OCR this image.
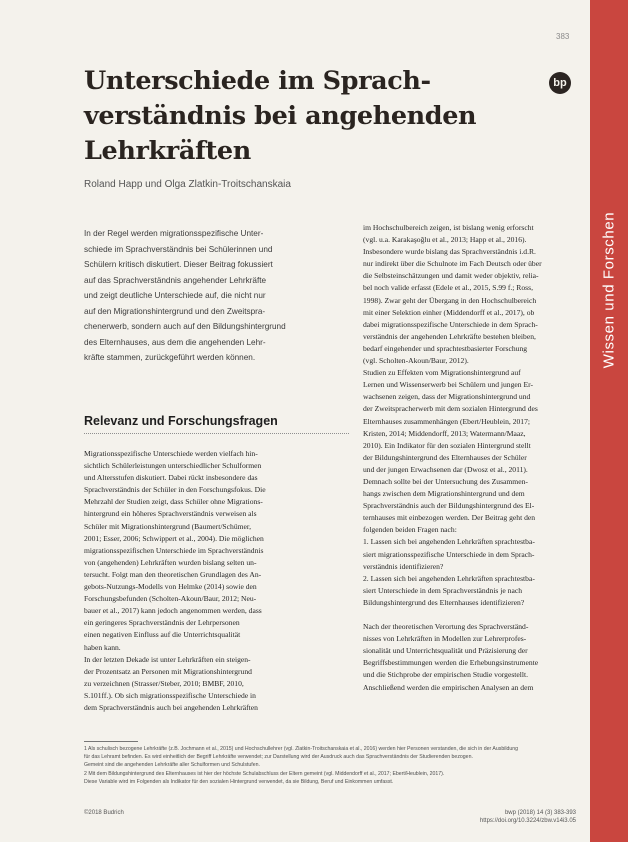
383
Unterschiede im Sprach-
verständnis bei angehenden
Lehrkräften
bp
Roland Happ und Olga Zlatkin-Troitschanskaia
In der Regel werden migrationsspezifische Unter-
schiede im Sprachverständnis bei Schülerinnen und
Schülern kritisch diskutiert. Dieser Beitrag fokussiert
auf das Sprachverständnis angehender Lehrkräfte
und zeigt deutliche Unterschiede auf, die nicht nur
auf den Migrationshintergrund und den Zweitspra-
chenerwerb, sondern auch auf den Bildungshintergrund
des Elternhauses, aus dem die angehenden Lehr-
kräfte stammen, zurückgeführt werden können.
Relevanz und Forschungsfragen
Migrationsspezifische Unterschiede werden vielfach hin-
sichtlich Schülerleistungen unterschiedlicher Schulformen
und Altersstufen diskutiert. Dabei rückt insbesondere das
Sprachverständnis der Schüler in den Forschungsfokus. Die
Mehrzahl der Studien zeigt, dass Schüler ohne Migrations-
hintergrund ein höheres Sprachverständnis verweisen als
Schüler mit Migrationshintergrund (Baumert/Schümer,
2001; Esser, 2006; Schwippert et al., 2004). Die möglichen
migrationsspezifischen Unterschiede im Sprachverständnis
von (angehenden) Lehrkräften wurden bislang selten un-
tersucht. Folgt man den theoretischen Grundlagen des An-
gebots-Nutzungs-Modells von Helmke (2014) sowie den
Forschungsbefunden (Scholten-Akoun/Baur, 2012; Neu-
bauer et al., 2017) kann jedoch angenommen werden, dass
ein geringeres Sprachverständnis der Lehrpersonen
einen negativen Einfluss auf die Unterrichtsqualität
haben kann.
In der letzten Dekade ist unter Lehrkräften ein steigen-
der Prozentsatz an Personen mit Migrationshintergrund
zu verzeichnen (Strasser/Steber, 2010; BMBF, 2010,
S.101ff.). Ob sich migrationsspezifische Unterschiede in
dem Sprachverständnis auch bei angehenden Lehrkräften
im Hochschulbereich zeigen, ist bislang wenig erforscht
(vgl. u.a. Karakaşoğlu et al., 2013; Happ et al., 2016).
Insbesondere wurde bislang das Sprachverständnis i.d.R.
nur indirekt über die Schulnote im Fach Deutsch oder über
die Selbsteinschätzungen und damit weder objektiv, relia-
bel noch valide erfasst (Edele et al., 2015, S.99 f.; Ross,
1998). Zwar geht der Übergang in den Hochschulbereich
mit einer Selektion einher (Middendorff et al., 2017), ob
dabei migrationsspezifische Unterschiede in dem Sprach-
verständnis der angehenden Lehrkräfte bestehen bleiben,
bedarf eingehender und sprachtestbasierter Forschung
(vgl. Scholten-Akoun/Baur, 2012).
Studien zu Effekten vom Migrationshintergrund auf
Lernen und Wissenserwerb bei Schülern und jungen Er-
wachsenen zeigen, dass der Migrationshintergrund und
der Zweitspracherwerb mit dem sozialen Hintergrund des
Elternhauses zusammenhängen (Ebert/Heublein, 2017;
Kristen, 2014; Middendorff, 2013; Watermann/Maaz,
2010). Ein Indikator für den sozialen Hintergrund stellt
der Bildungshintergrund des Elternhauses der Schüler
und der jungen Erwachsenen dar (Dwosz et al., 2011).
Demnach sollte bei der Untersuchung des Zusammen-
hangs zwischen dem Migrationshintergrund und dem
Sprachverständnis auch der Bildungshintergrund des El-
ternhauses mit einbezogen werden. Der Beitrag geht den
folgenden beiden Fragen nach:
1. Lassen sich bei angehenden Lehrkräften sprachtestba-
siert migrationsspezifische Unterschiede in dem Sprach-
verständnis identifizieren?
2. Lassen sich bei angehenden Lehrkräften sprachtestba-
siert Unterschiede in dem Sprachverständnis je nach
Bildungshintergrund des Elternhauses identifizieren?

Nach der theoretischen Verortung des Sprachverständ-
nisses von Lehrkräften in Modellen zur Lehrerprofes-
sionalität und Unterrichtsqualität und Präzisierung der
Begriffsbestimmungen werden die Erhebungsinstrumente
und die Stichprobe der empirischen Studie vorgestellt.
Anschließend werden die empirischen Analysen an dem
Wissen und Forschen
1 Als schulisch bezogene Lehrkräfte (z.B. Jochmann et al., 2015) und Hochschullehrer (vgl. Zlatkin-Troitschanskaia et al., 2016) werden hier Personen verstanden, die sich in der Ausbildung
für das Lehramt befinden. Es wird einheitlich der Begriff Lehrkräfte verwendet; zur Darstellung wird der Ausdruck auch das Sprachverständnis der Studierenden bezogen.
Gemeint sind die angehenden Lehrkräfte aller Schulformen und Schulstufen.
2 Mit dem Bildungshintergrund des Elternhauses ist hier der höchste Schulabschluss der Eltern gemeint (vgl. Middendorff et al., 2017; Ebert/Heublein, 2017).
Diese Variable wird im Folgenden als Indikator für den sozialen Hintergrund verwendet, da sie Bildung, Beruf und Einkommen umfasst.
©2018 Budrich	bwp (2018) 14 (3) 383-393
https://doi.org/10.3224/zbw.v14i3.05
